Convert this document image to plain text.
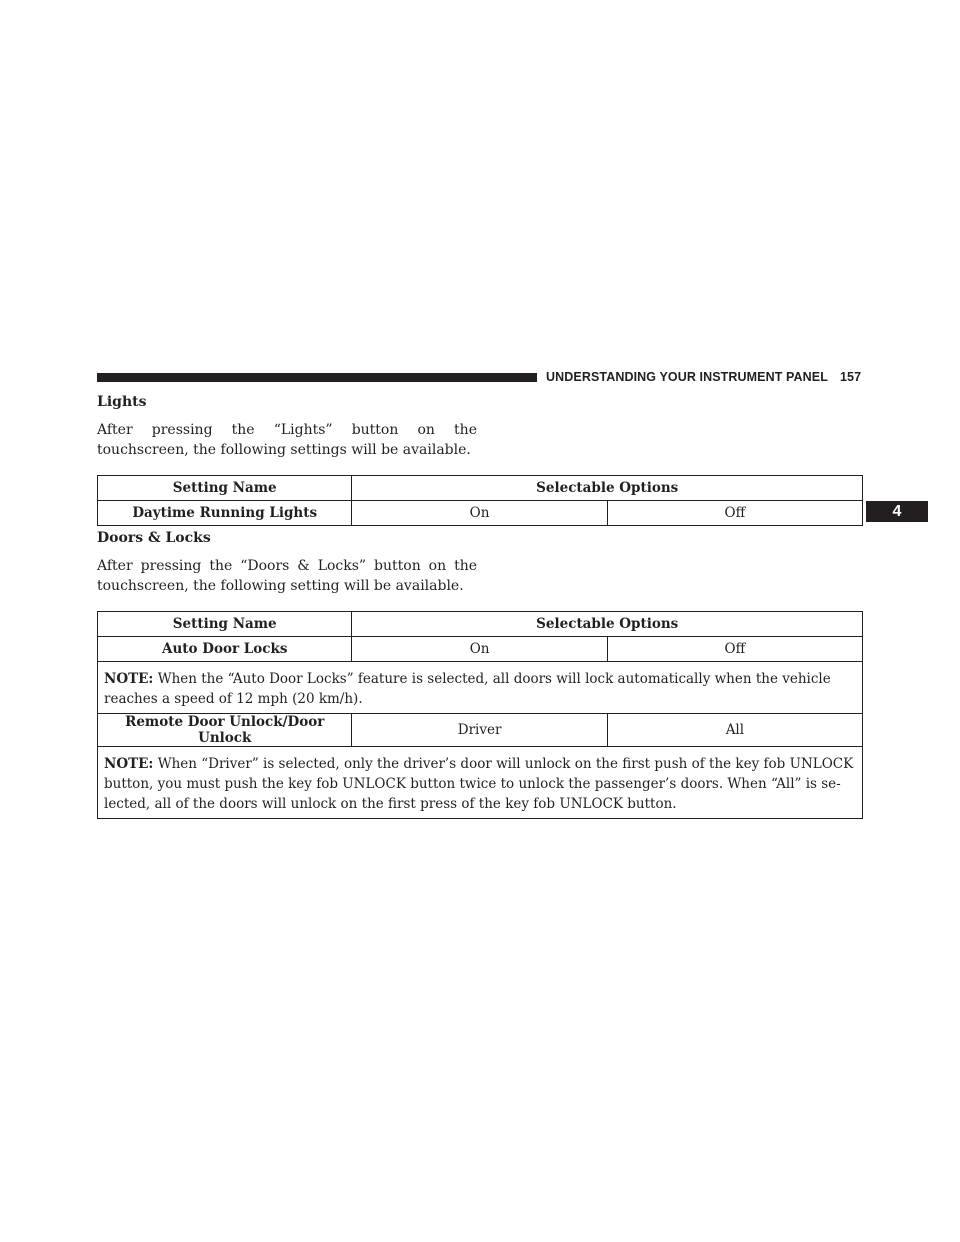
UNDERSTANDING YOUR INSTRUMENT PANEL 157
4
Lights
After pressing the “Lights” button on the touchscreen, the following settings will be available.
Setting Name	Selectable Options	
Daytime Running Lights	On	Off
Doors & Locks
After pressing the “Doors & Locks” button on the touchscreen, the following setting will be available.
Setting Name	Selectable Options	
Auto Door Locks	On	Off
NOTE: When the “Auto Door Locks” feature is selected, all doors will lock automatically when the vehicle reaches a speed of 12 mph (20 km/h).		
Remote Door Unlock/Door Unlock	Driver	All
NOTE: When “Driver” is selected, only the driver’s door will unlock on the first push of the key fob UNLOCK button, you must push the key fob UNLOCK button twice to unlock the passenger’s doors. When “All” is se-lected, all of the doors will unlock on the first press of the key fob UNLOCK button.		
